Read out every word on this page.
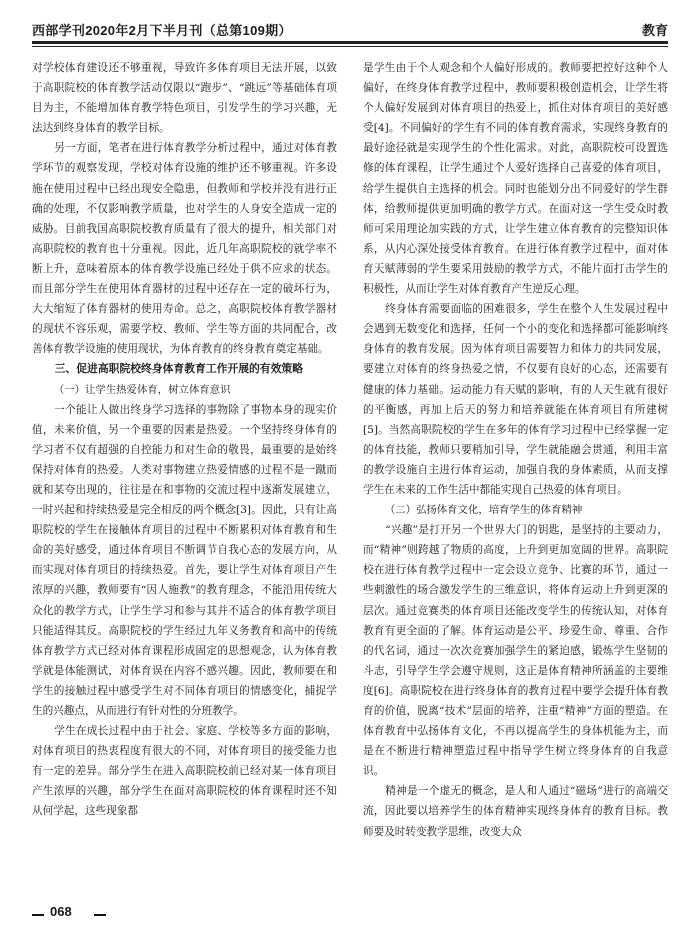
西部学刊2020年2月下半月刊（总第109期）	教育

对学校体育建设还不够重视，导致许多体育项目无法开展，以致于高职院校的体育教学活动仅限以“跑步”、“跳远”等基础体育项目为主，不能增加体育教学特色项目，引发学生的学习兴趣，无法达到终身体育的教学目标。

另一方面，笔者在进行体育教学分析过程中，通过对体育教学环节的观察发现，学校对体育设施的维护还不够重视。许多设施在使用过程中已经出现安全隐患，但教师和学校并没有进行正确的处理，不仅影响教学质量，也对学生的人身安全造成一定的威胁。目前我国高职院校教育质量有了很大的提升，相关部门对高职院校的教育也十分重视。因此，近几年高职院校的就学率不断上升，意味着原本的体育教学设施已经处于供不应求的状态。而且部分学生在使用体育器材的过程中还存在一定的破坏行为，大大缩短了体育器材的使用寿命。总之，高职院校体育教学器材的现状不容乐观，需要学校、教师、学生等方面的共同配合，改善体育教学设施的使用现状，为体育教育的终身教育奠定基础。

三、促进高职院校终身体育教育工作开展的有效策略
（一）让学生热爱体育，树立体育意识

一个能让人做出终身学习选择的事物除了事物本身的现实价值，未来价值，另一个重要的因素是热爱。一个坚持终身体育的学习者不仅有超强的自控能力和对生命的敬畏，最重要的是始终保持对体育的热爱。人类对事物建立热爱情感的过程不是一蹴而就和某夸出现的，往往是在和事物的交流过程中逐渐发展建立，一时兴起和持续热爱是完全相反的两个概念[3]。因此，只有让高职院校的学生在接触体育项目的过程中不断累积对体育教育和生命的美好感受，通过体育项目不断调节自我心态的发展方向，从而实现对体育项目的持续热爱。首先，要让学生对体育项目产生浓厚的兴趣，教师要有“因人施教”的教育理念，不能沿用传统大众化的教学方式，让学生学习和参与其并不适合的体育教学项目只能适得其反。高职院校的学生经过九年义务教育和高中的传统体育教学方式已经对体育课程形成固定的思想观念，认为体育教学就是体能测试，对体育误在内容不感兴趣。因此，教师要在和学生的接触过程中感受学生对不同体育项目的情感变化，捕捉学生的兴趣点，从而进行有针对性的分班教学。

学生在成长过程中由于社会、家庭、学校等多方面的影响，对体育项目的热衷程度有很大的不同，对体育项目的接受能力也有一定的差异。部分学生在进入高职院校前已经对某一体育项目产生浓厚的兴趣，部分学生在面对高职院校的体育课程时还不知从何学起，这些现象都

是学生由于个人观念和个人偏好形成的。教师要把控好这种个人偏好，在终身体育教学过程中，教师要积极创造机会，让学生将个人偏好发展到对体育项目的热爱上，抓住对体育项目的美好感受[4]。不同偏好的学生有不同的体育教育需求，实现终身教育的最好途径就是实现学生的个性化需求。对此，高职院校可设置选修的体育课程，让学生通过个人爱好选择自己喜爱的体育项目，给学生提供自主选择的机会。同时也能划分出不同爱好的学生群体，给教师提供更加明确的教学方式。在面对这一学生受众时教师可采用理论加实践的方式，让学生建立体育教育的完整知识体系，从内心深处接受体育教育。在进行体育教学过程中，面对体育天赋薄弱的学生要采用鼓励的教学方式，不能片面打击学生的积极性，从而让学生对体育教育产生逆反心理。

终身体育需要面临的困难很多，学生在整个人生发展过程中会遇到无数变化和选择，任何一个小的变化和选择都可能影响终身体育的教育发展。因为体育项目需要智力和体力的共同发展，要建立对体育的终身热爱之情，不仅要有良好的心态，还需要有健康的体力基础。运动能力有天赋的影响，有的人天生就有很好的平衡感，再加上后天的努力和培养就能在体育项目有所建树[5]。当然高职院校的学生在多年的体育学习过程中已经掌握一定的体育技能，教师只要稍加引导，学生就能融会贯通，利用丰富的教学设施自主进行体育运动，加强自我的身体素质，从而支撑学生在未来的工作生活中都能实现自己热爱的体育项目。

（二）弘扬体育文化，培育学生的体育精神

“兴趣”是打开另一个世界大门的钥匙，是坚持的主要动力，而“精神”则跨越了物质的高度，上升到更加宽阔的世界。高职院校在进行体育教学过程中一定会设立竞争、比赛的环节，通过一些刺激性的场合激发学生的三维意识，将体育运动上升到更深的层次。通过竞赛类的体育项目还能改变学生的传统认知，对体育教育有更全面的了解。体育运动是公平、珍爱生命、尊重、合作的代名词，通过一次次竞赛加强学生的紧迫感，锻炼学生坚韧的斗志，引导学生学会遵守规则，这正是体育精神所涵盖的主要维度[6]。高职院校在进行终身体育的教育过程中要学会提升体育教育的价值，脱离“技术”层面的培养，注重“精神”方面的塑造。在体育教育中弘扬体育文化，不再以提高学生的身体机能为主，而是在不断进行精神塑造过程中指导学生树立终身体育的自我意识。

精神是一个虚无的概念，是人和人通过“磁场”进行的高端交流，因此要以培养学生的体育精神实现终身体育的教育目标。教师要及时转变教学思维，改变大众

068
